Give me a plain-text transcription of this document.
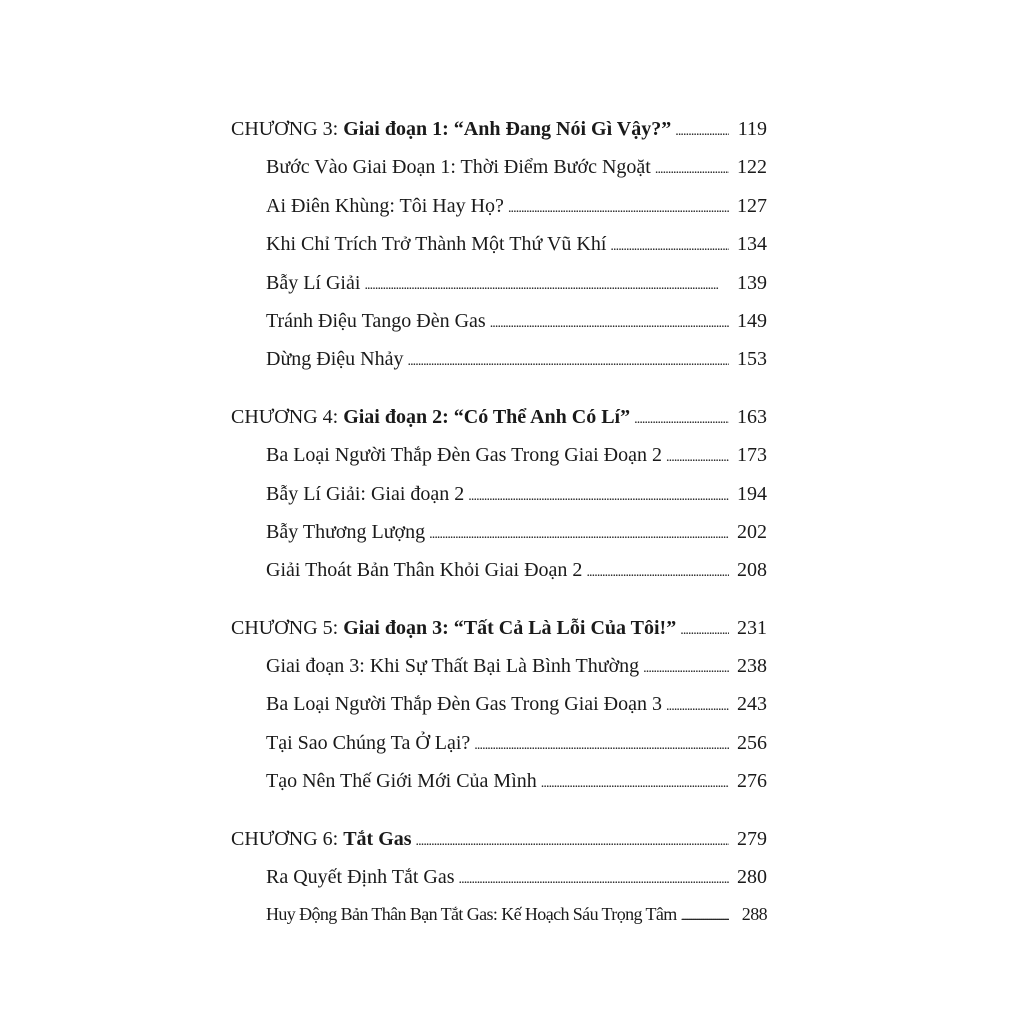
CHƯƠNG 3: Giai đoạn 1: “Anh Đang Nói Gì Vậy?” . . .	119
Bước Vào Giai Đoạn 1: Thời Điểm Bước Ngoặt . . .	122
Ai Điên Khùng: Tôi Hay Họ? . . .	127
Khi Chỉ Trích Trở Thành Một Thứ Vũ Khí . . .	134
Bẫy Lí Giải . . .	139
Tránh Điệu Tango Đèn Gas . . .	149
Dừng Điệu Nhảy . . .	153
CHƯƠNG 4: Giai đoạn 2: “Có Thể Anh Có Lí” . . .	163
Ba Loại Người Thắp Đèn Gas Trong Giai Đoạn 2 . . .	173
Bẫy Lí Giải: Giai đoạn 2 . . .	194
Bẫy Thương Lượng . . .	202
Giải Thoát Bản Thân Khỏi Giai Đoạn 2 . . .	208
CHƯƠNG 5: Giai đoạn 3: “Tất Cả Là Lỗi Của Tôi!” . . .	231
Giai đoạn 3: Khi Sự Thất Bại Là Bình Thường . . .	238
Ba Loại Người Thắp Đèn Gas Trong Giai Đoạn 3 . . .	243
Tại Sao Chúng Ta Ở Lại? . . .	256
Tạo Nên Thế Giới Mới Của Mình . . .	276
CHƯƠNG 6: Tắt Gas . . .	279
Ra Quyết Định Tắt Gas . . .	280
Huy Động Bản Thân Bạn Tắt Gas: Kế Hoạch Sáu Trọng Tâm . . .	288
